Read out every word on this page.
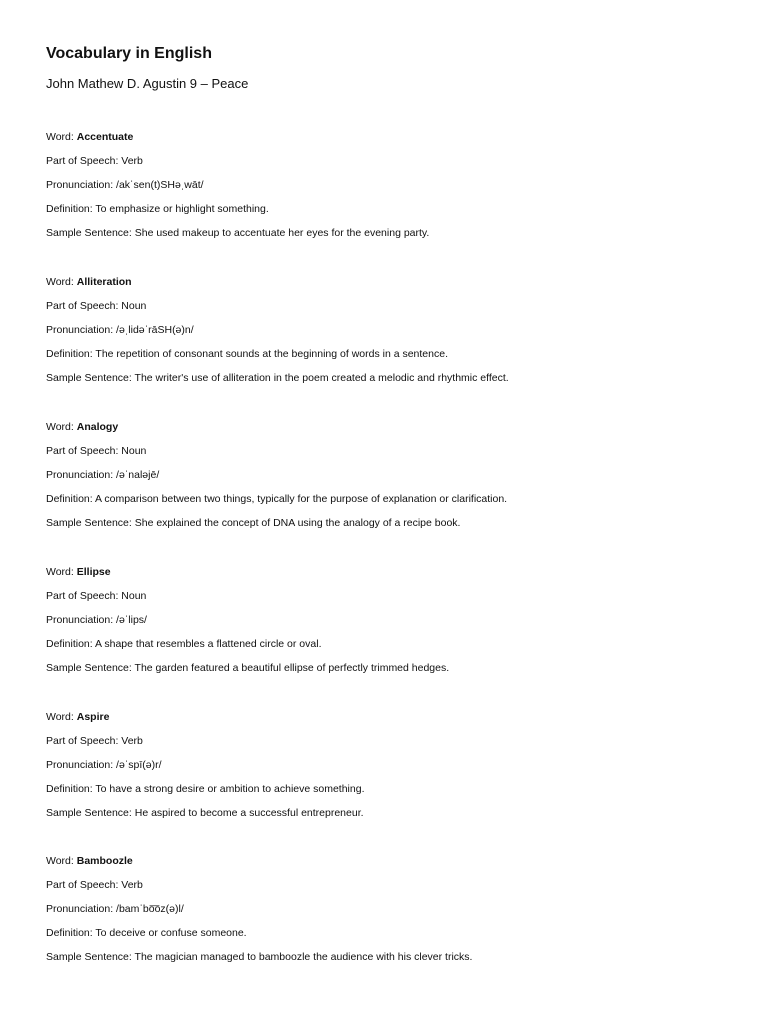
Vocabulary in English
John Mathew D. Agustin 9 – Peace
Word: Accentuate
Part of Speech: Verb
Pronunciation: /akˈsen(t)SHəˌwāt/
Definition: To emphasize or highlight something.
Sample Sentence: She used makeup to accentuate her eyes for the evening party.
Word: Alliteration
Part of Speech: Noun
Pronunciation: /əˌlidəˈrāSH(ə)n/
Definition: The repetition of consonant sounds at the beginning of words in a sentence.
Sample Sentence: The writer's use of alliteration in the poem created a melodic and rhythmic effect.
Word: Analogy
Part of Speech: Noun
Pronunciation: /əˈnaləjē/
Definition: A comparison between two things, typically for the purpose of explanation or clarification.
Sample Sentence: She explained the concept of DNA using the analogy of a recipe book.
Word: Ellipse
Part of Speech: Noun
Pronunciation: /əˈlips/
Definition: A shape that resembles a flattened circle or oval.
Sample Sentence: The garden featured a beautiful ellipse of perfectly trimmed hedges.
Word: Aspire
Part of Speech: Verb
Pronunciation: /əˈspī(ə)r/
Definition: To have a strong desire or ambition to achieve something.
Sample Sentence: He aspired to become a successful entrepreneur.
Word: Bamboozle
Part of Speech: Verb
Pronunciation: /bamˈbo͞oz(ə)l/
Definition: To deceive or confuse someone.
Sample Sentence: The magician managed to bamboozle the audience with his clever tricks.
